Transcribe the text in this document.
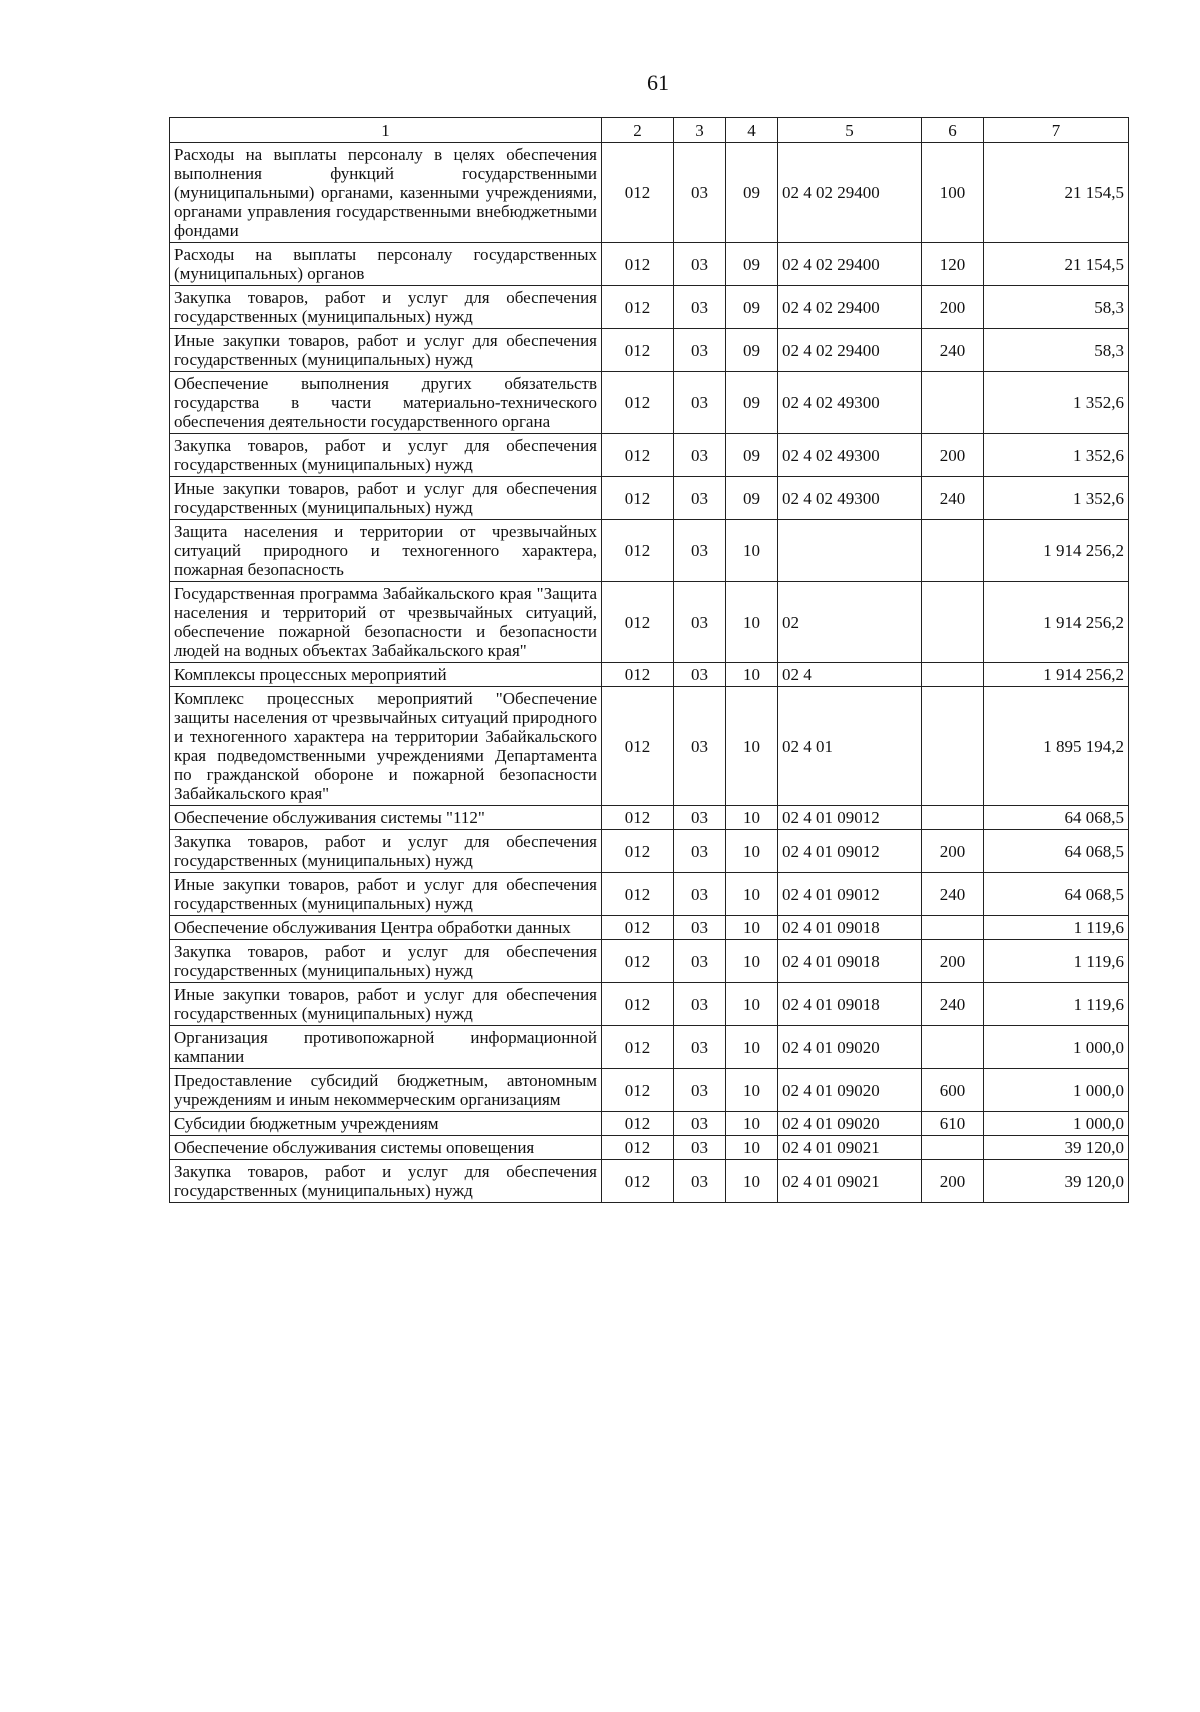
61
1	2	3	4	5	6	7
Расходы на выплаты персоналу в целях обеспечения выполнения функций государственными (муниципальными) органами, казенными учреждениями, органами управления государственными внебюджетными фондами	012	03	09	02 4 02 29400	100	21 154,5
Расходы на выплаты персоналу государственных (муниципальных) органов	012	03	09	02 4 02 29400	120	21 154,5
Закупка товаров, работ и услуг для обеспечения государственных (муниципальных) нужд	012	03	09	02 4 02 29400	200	58,3
Иные закупки товаров, работ и услуг для обеспечения государственных (муниципальных) нужд	012	03	09	02 4 02 29400	240	58,3
Обеспечение выполнения других обязательств государства в части материально-технического обеспечения деятельности государственного органа	012	03	09	02 4 02 49300		1 352,6
Закупка товаров, работ и услуг для обеспечения государственных (муниципальных) нужд	012	03	09	02 4 02 49300	200	1 352,6
Иные закупки товаров, работ и услуг для обеспечения государственных (муниципальных) нужд	012	03	09	02 4 02 49300	240	1 352,6
Защита населения и территории от чрезвычайных ситуаций природного и техногенного характера, пожарная безопасность	012	03	10			1 914 256,2
Государственная программа Забайкальского края "Защита населения и территорий от чрезвычайных ситуаций, обеспечение пожарной безопасности и безопасности людей на водных объектах Забайкальского края"	012	03	10	02		1 914 256,2
Комплексы процессных мероприятий	012	03	10	02 4		1 914 256,2
Комплекс процессных мероприятий "Обеспечение защиты населения от чрезвычайных ситуаций природного и техногенного характера на территории Забайкальского края подведомственными учреждениями Департамента по гражданской обороне и пожарной безопасности Забайкальского края"	012	03	10	02 4 01		1 895 194,2
Обеспечение обслуживания системы "112"	012	03	10	02 4 01 09012		64 068,5
Закупка товаров, работ и услуг для обеспечения государственных (муниципальных) нужд	012	03	10	02 4 01 09012	200	64 068,5
Иные закупки товаров, работ и услуг для обеспечения государственных (муниципальных) нужд	012	03	10	02 4 01 09012	240	64 068,5
Обеспечение обслуживания Центра обработки данных	012	03	10	02 4 01 09018		1 119,6
Закупка товаров, работ и услуг для обеспечения государственных (муниципальных) нужд	012	03	10	02 4 01 09018	200	1 119,6
Иные закупки товаров, работ и услуг для обеспечения государственных (муниципальных) нужд	012	03	10	02 4 01 09018	240	1 119,6
Организация противопожарной информационной кампании	012	03	10	02 4 01 09020		1 000,0
Предоставление субсидий бюджетным, автономным учреждениям и иным некоммерческим организациям	012	03	10	02 4 01 09020	600	1 000,0
Субсидии бюджетным учреждениям	012	03	10	02 4 01 09020	610	1 000,0
Обеспечение обслуживания системы оповещения	012	03	10	02 4 01 09021		39 120,0
Закупка товаров, работ и услуг для обеспечения государственных (муниципальных) нужд	012	03	10	02 4 01 09021	200	39 120,0
